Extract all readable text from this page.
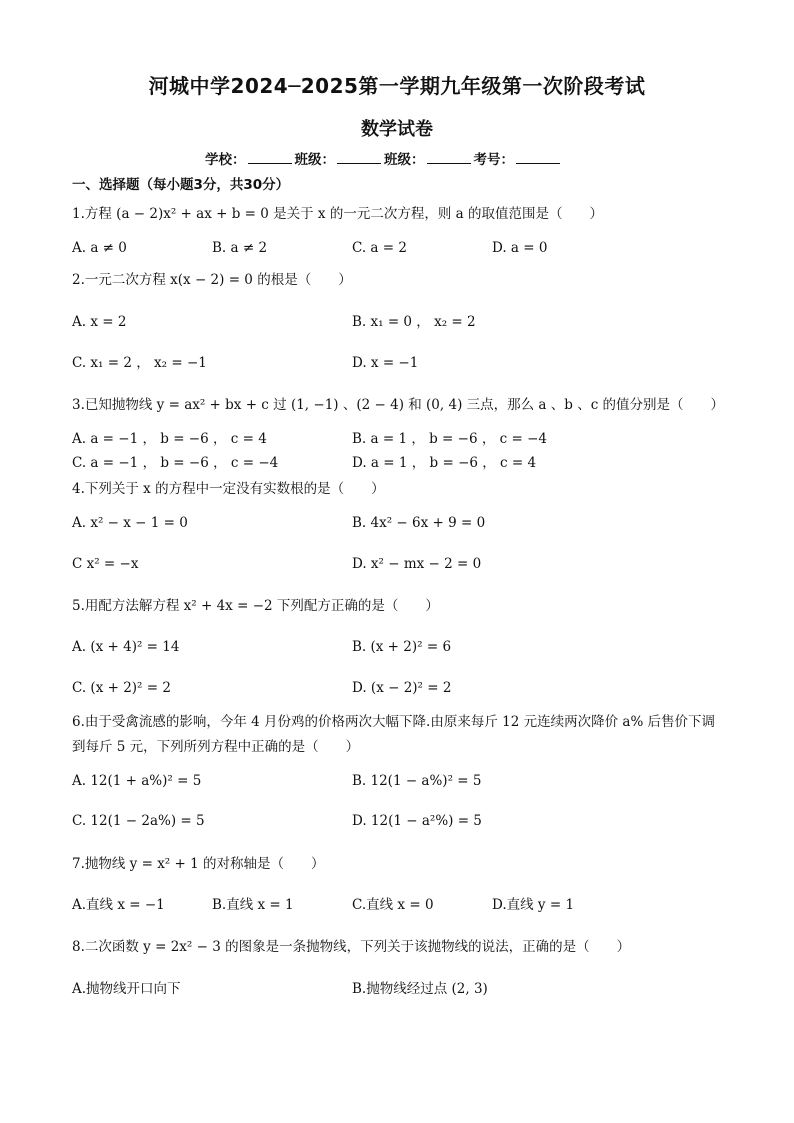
河城中学2024─2025第一学期九年级第一次阶段考试
数学试卷
学校：	班级：	班级：	考号：
一、选择题（每小题3分，共30分）
1.方程 (a − 2)x² + ax + b = 0 是关于 x 的一元二次方程，则 a 的取值范围是（　　）
A. a ≠ 0	B. a ≠ 2	C. a = 2	D. a = 0
2.一元二次方程 x(x − 2) = 0 的根是（　　）
A. x = 2	B. x₁ = 0 ， x₂ = 2
C. x₁ = 2 ， x₂ = −1	D. x = −1
3.已知抛物线 y = ax² + bx + c 过 (1, −1) 、(2 − 4) 和 (0, 4) 三点，那么 a 、b 、c 的值分别是（　　）
A. a = −1 ， b = −6 ， c = 4	B. a = 1 ， b = −6 ， c = −4
C. a = −1 ， b = −6 ， c = −4	D. a = 1 ， b = −6 ， c = 4
4.下列关于 x 的方程中一定没有实数根的是（　　）
A. x² − x − 1 = 0	B. 4x² − 6x + 9 = 0
C x² = −x	D. x² − mx − 2 = 0
5.用配方法解方程 x² + 4x = −2 下列配方正确的是（　　）
A. (x + 4)² = 14	B. (x + 2)² = 6
C. (x + 2)² = 2	D. (x − 2)² = 2
6.由于受禽流感的影响，今年 4 月份鸡的价格两次大幅下降.由原来每斤 12 元连续两次降价 a% 后售价下调
到每斤 5 元，下列所列方程中正确的是（　　）
A. 12(1 + a%)² = 5	B. 12(1 − a%)² = 5
C. 12(1 − 2a%) = 5	D. 12(1 − a²%) = 5
7.抛物线 y = x² + 1 的对称轴是（　　）
A.直线 x = −1	B.直线 x = 1	C.直线 x = 0	D.直线 y = 1
8.二次函数 y = 2x² − 3 的图象是一条抛物线，下列关于该抛物线的说法，正确的是（　　）
A.抛物线开口向下	B.抛物线经过点 (2, 3)
